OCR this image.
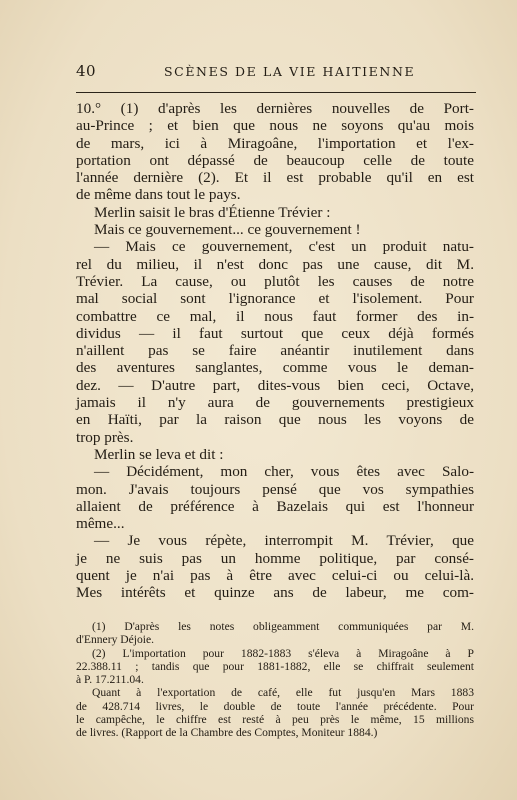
40	SCÈNES DE LA VIE HAITIENNE
10.° (1) d'après les dernières nouvelles de Port-
au-Prince ; et bien que nous ne soyons qu'au mois
de mars, ici à Miragoâne, l'importation et l'ex-
portation ont dépassé de beaucoup celle de toute
l'année dernière (2). Et il est probable qu'il en est
de même dans tout le pays.
Merlin saisit le bras d'Étienne Trévier :
Mais ce gouvernement... ce gouvernement !
— Mais ce gouvernement, c'est un produit natu-
rel du milieu, il n'est donc pas une cause, dit M.
Trévier. La cause, ou plutôt les causes de notre
mal social sont l'ignorance et l'isolement. Pour
combattre ce mal, il nous faut former des in-
dividus — il faut surtout que ceux déjà formés
n'aillent pas se faire anéantir inutilement dans
des aventures sanglantes, comme vous le deman-
dez. — D'autre part, dites-vous bien ceci, Octave,
jamais il n'y aura de gouvernements prestigieux
en Haïti, par la raison que nous les voyons de
trop près.
Merlin se leva et dit :
— Décidément, mon cher, vous êtes avec Salo-
mon. J'avais toujours pensé que vos sympathies
allaient de préférence à Bazelais qui est l'honneur
même...
— Je vous répète, interrompit M. Trévier, que
je ne suis pas un homme politique, par consé-
quent je n'ai pas à être avec celui-ci ou celui-là.
Mes intérêts et quinze ans de labeur, me com-
(1) D'après les notes obligeamment communiquées par M.
d'Ennery Déjoie.
(2) L'importation pour 1882-1883 s'éleva à Miragoâne à P
22.388.11 ; tandis que pour 1881-1882, elle se chiffrait seulement
à P. 17.211.04.
Quant à l'exportation de café, elle fut jusqu'en Mars 1883
de 428.714 livres, le double de toute l'année précédente. Pour
le campêche, le chiffre est resté à peu près le même, 15 millions
de livres. (Rapport de la Chambre des Comptes, Moniteur 1884.)
